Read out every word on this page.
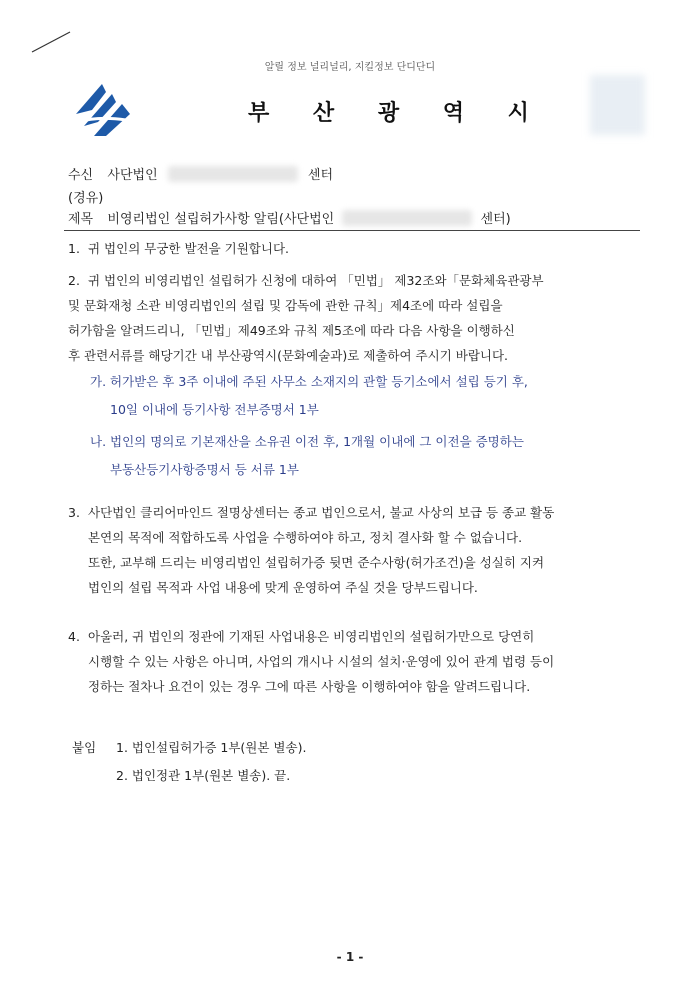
알릴 정보 널리널리, 지킬정보 단디단디
부 산 광 역 시
수신 사단법인	센터
(경유)
제목 비영리법인 설립허가사항 알림(사단법인	센터)

1. 귀 법인의 무궁한 발전을 기원합니다.

2. 귀 법인의 비영리법인 설립허가 신청에 대하여 「민법」 제32조와「문화체육관광부

및 문화재청 소관 비영리법인의 설립 및 감독에 관한 규칙」제4조에 따라 설립을

허가함을 알려드리니, 「민법」제49조와 규칙 제5조에 따라 다음 사항을 이행하신

후 관련서류를 해당기간 내 부산광역시(문화예술과)로 제출하여 주시기 바랍니다.

가. 허가받은 후 3주 이내에 주된 사무소 소재지의 관할 등기소에서 설립 등기 후,

10일 이내에 등기사항 전부증명서 1부

나. 법인의 명의로 기본재산을 소유권 이전 후, 1개월 이내에 그 이전을 증명하는

부동산등기사항증명서 등 서류 1부

3. 사단법인 클리어마인드 절명상센터는 종교 법인으로서, 불교 사상의 보급 등 종교 활동

본연의 목적에 적합하도록 사업을 수행하여야 하고, 정치 결사화 할 수 없습니다.

또한, 교부해 드리는 비영리법인 설립허가증 뒷면 준수사항(허가조건)을 성실히 지켜

법인의 설립 목적과 사업 내용에 맞게 운영하여 주실 것을 당부드립니다.

4. 아울러, 귀 법인의 정관에 기재된 사업내용은 비영리법인의 설립허가만으로 당연히

시행할 수 있는 사항은 아니며, 사업의 개시나 시설의 설치·운영에 있어 관계 법령 등이

정하는 절차나 요건이 있는 경우 그에 따른 사항을 이행하여야 함을 알려드립니다.

붙임 1. 법인설립허가증 1부(원본 별송).
2. 법인정관 1부(원본 별송). 끝.
- 1 -
